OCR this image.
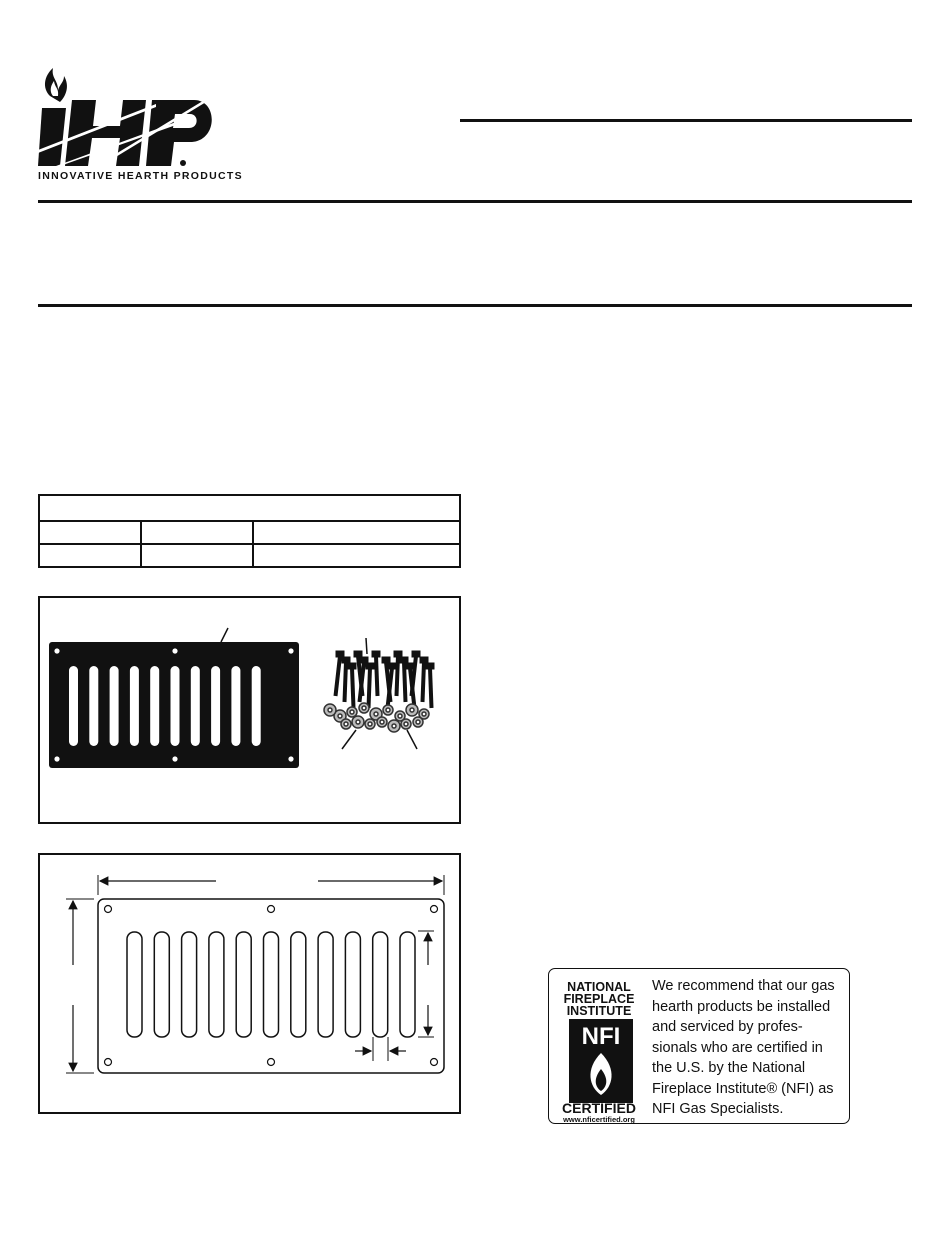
INNOVATIVE HEARTH PRODUCTS

NATIONAL
FIREPLACE
INSTITUTE
NFI
CERTIFIED
www.nficertified.org
We recommend that our gas hearth products be installed and serviced by profes-sionals who are certified in the U.S. by the National Fireplace Institute® (NFI) as NFI Gas Specialists.
